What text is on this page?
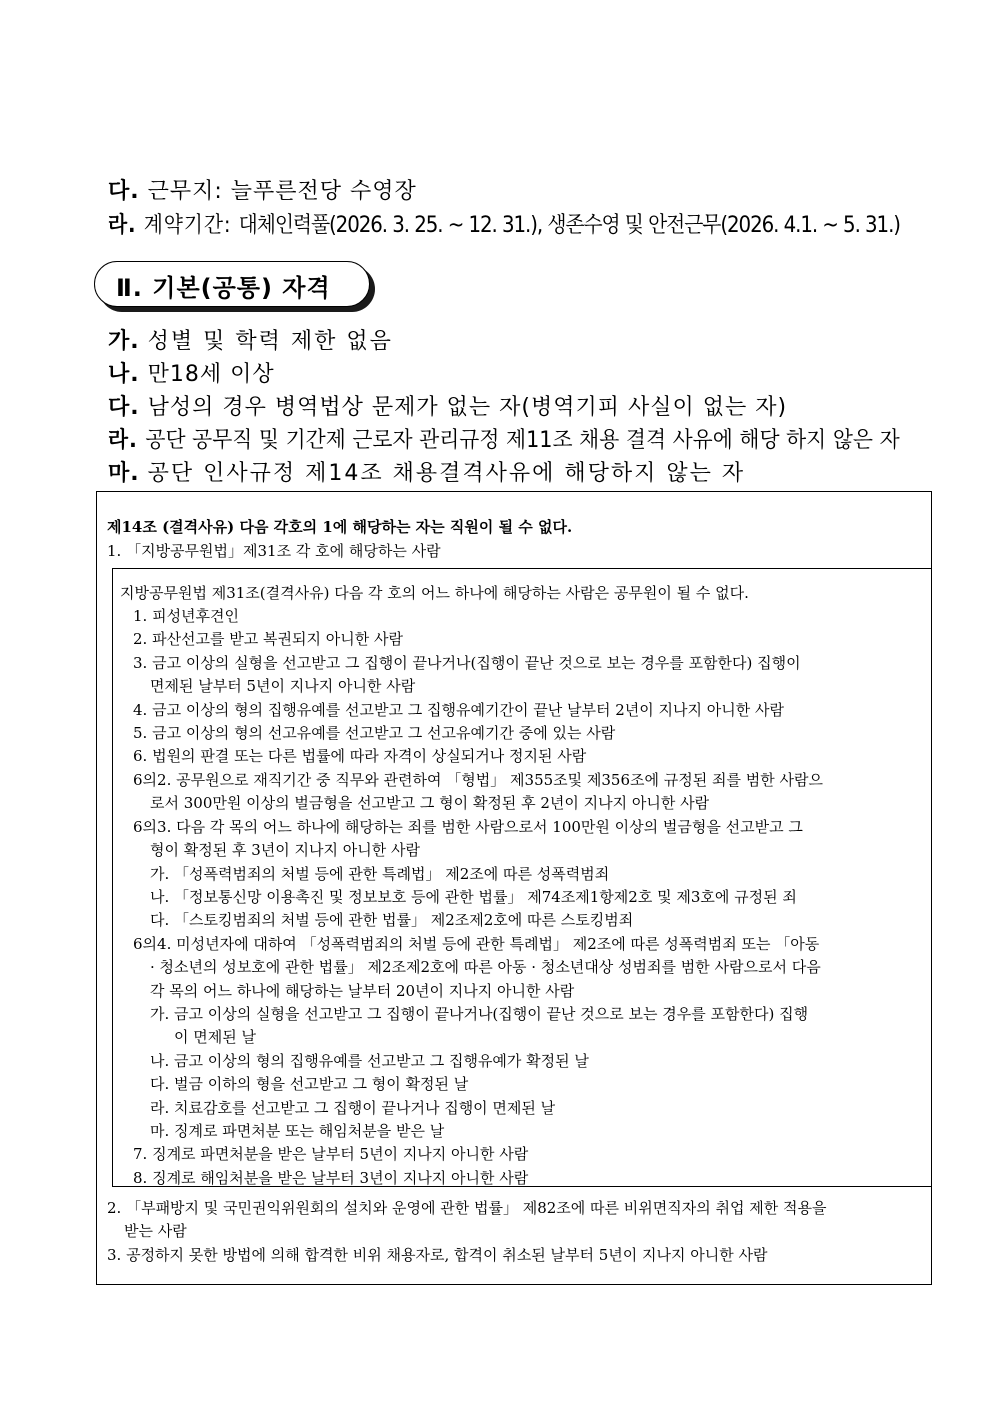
다. 근무지: 늘푸른전당 수영장
라. 계약기간: 대체인력풀(2026. 3. 25. ~ 12. 31.), 생존수영 및 안전근무(2026. 4.1. ~ 5. 31.)
Ⅱ. 기본(공통) 자격
가. 성별 및 학력 제한 없음
나. 만18세 이상
다. 남성의 경우 병역법상 문제가 없는 자(병역기피 사실이 없는 자)
라. 공단 공무직 및 기간제 근로자 관리규정 제11조 채용 결격 사유에 해당 하지 않은 자
마. 공단 인사규정 제14조 채용결격사유에 해당하지 않는 자
제14조 (결격사유) 다음 각호의 1에 해당하는 자는 직원이 될 수 없다.
1. 「지방공무원법」제31조 각 호에 해당하는 사람
지방공무원법 제31조(결격사유) 다음 각 호의 어느 하나에 해당하는 사람은 공무원이 될 수 없다.
1. 피성년후견인
2. 파산선고를 받고 복권되지 아니한 사람
3. 금고 이상의 실형을 선고받고 그 집행이 끝나거나(집행이 끝난 것으로 보는 경우를 포함한다) 집행이
면제된 날부터 5년이 지나지 아니한 사람
4. 금고 이상의 형의 집행유예를 선고받고 그 집행유예기간이 끝난 날부터 2년이 지나지 아니한 사람
5. 금고 이상의 형의 선고유예를 선고받고 그 선고유예기간 중에 있는 사람
6. 법원의 판결 또는 다른 법률에 따라 자격이 상실되거나 정지된 사람
6의2. 공무원으로 재직기간 중 직무와 관련하여 「형법」 제355조및 제356조에 규정된 죄를 범한 사람으
로서 300만원 이상의 벌금형을 선고받고 그 형이 확정된 후 2년이 지나지 아니한 사람
6의3. 다음 각 목의 어느 하나에 해당하는 죄를 범한 사람으로서 100만원 이상의 벌금형을 선고받고 그
형이 확정된 후 3년이 지나지 아니한 사람
가. 「성폭력범죄의 처벌 등에 관한 특례법」 제2조에 따른 성폭력범죄
나. 「정보통신망 이용촉진 및 정보보호 등에 관한 법률」 제74조제1항제2호 및 제3호에 규정된 죄
다. 「스토킹범죄의 처벌 등에 관한 법률」 제2조제2호에 따른 스토킹범죄
6의4. 미성년자에 대하여 「성폭력범죄의 처벌 등에 관한 특례법」 제2조에 따른 성폭력범죄 또는 「아동
· 청소년의 성보호에 관한 법률」 제2조제2호에 따른 아동 · 청소년대상 성범죄를 범한 사람으로서 다음
각 목의 어느 하나에 해당하는 날부터 20년이 지나지 아니한 사람
가. 금고 이상의 실형을 선고받고 그 집행이 끝나거나(집행이 끝난 것으로 보는 경우를 포함한다) 집행
이 면제된 날
나. 금고 이상의 형의 집행유예를 선고받고 그 집행유예가 확정된 날
다. 벌금 이하의 형을 선고받고 그 형이 확정된 날
라. 치료감호를 선고받고 그 집행이 끝나거나 집행이 면제된 날
마. 징계로 파면처분 또는 해임처분을 받은 날
7. 징계로 파면처분을 받은 날부터 5년이 지나지 아니한 사람
8. 징계로 해임처분을 받은 날부터 3년이 지나지 아니한 사람
2. 「부패방지 및 국민권익위원회의 설치와 운영에 관한 법률」 제82조에 따른 비위면직자의 취업 제한 적용을
받는 사람
3. 공정하지 못한 방법에 의해 합격한 비위 채용자로, 합격이 취소된 날부터 5년이 지나지 아니한 사람
